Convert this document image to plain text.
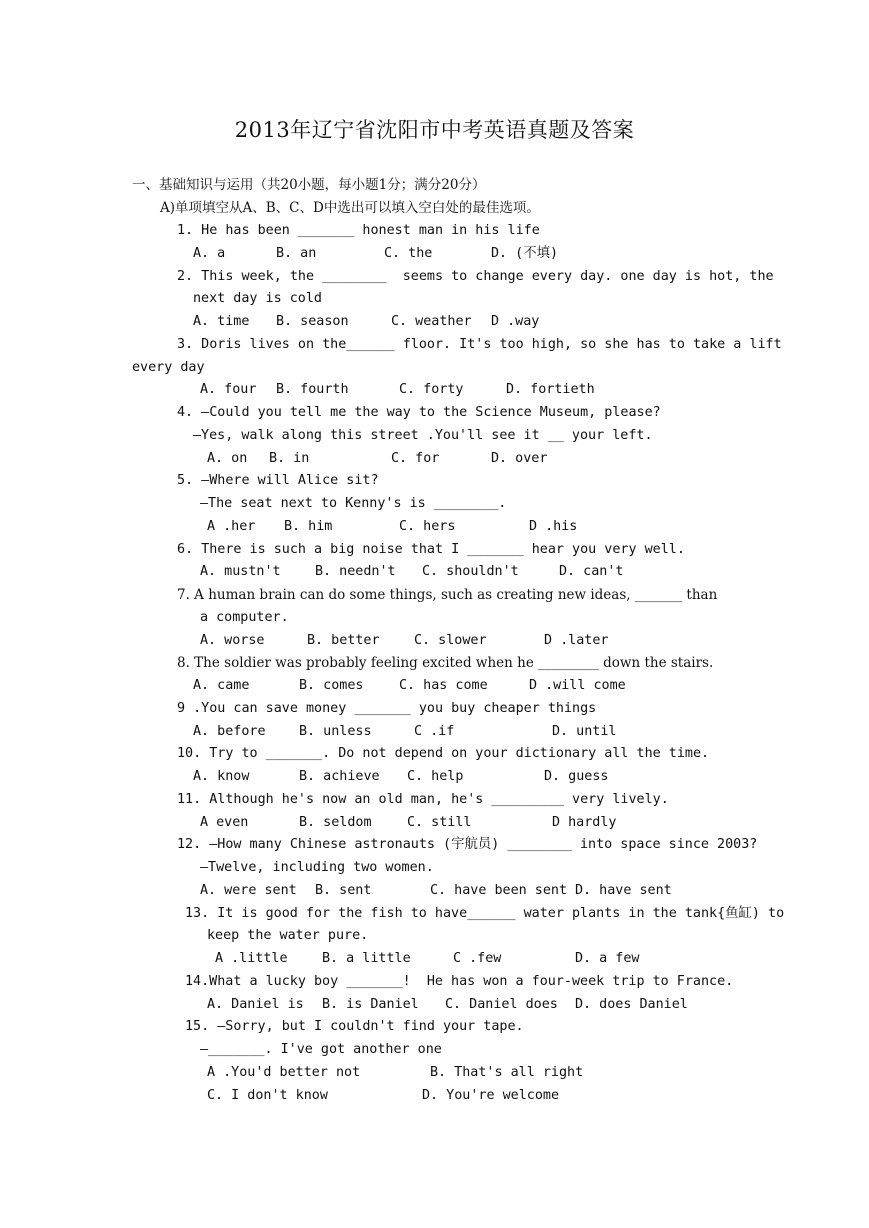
2013年辽宁省沈阳市中考英语真题及答案
一、基础知识与运用（共20小题，每小题1分；满分20分）
A)单项填空从A、B、C、D中选出可以填入空白处的最佳选项。
1. He has been _______ honest man in his life
A. a	B. an	C. the	D. (不填)
2. This week, the ________  seems to change every day. one day is hot, the
next day is cold
A. time B. season	C. weather D .way
3. Doris lives on the______ floor. It's too high, so she has to take a lift
every day
A. four B. fourth	C. forty	D. fortieth
4. —Could you tell me the way to the Science Museum, please?
—Yes, walk along this street .You'll see it __ your left.
A. on B. in	C. for	D. over
5. —Where will Alice sit?
—The seat next to Kenny's is ________.
A .her B. him	C. hers	D .his
6. There is such a big noise that I _______ hear you very well.
A. mustn't	B. needn't C. shouldn't	D. can't
7. A human brain can do some things, such as creating new ideas, _______ than
a computer.
A. worse	B. better	C. slower	D .later
8. The soldier was probably feeling excited when he _________ down the stairs.
A. came	B. comes	C. has come	D .will come
9 .You can save money _______ you buy cheaper things
A. before B. unless	C .if	D. until
10. Try to _______. Do not depend on your dictionary all the time.
A. know	B. achieve C. help	D. guess
11. Although he's now an old man, he's _________ very lively.
A even	B. seldom	C. still	D hardly
12. —How many Chinese astronauts (宇航员) ________ into space since 2003?
—Twelve, including two women.
A. were sent B. sent	C. have been sent D. have sent
13. It is good for the fish to have______ water plants in the tank{鱼缸) to
keep the water pure.
A .little	B. a little	C .few	D. a few
14.What a lucky boy _______!  He has won a four-week trip to France.
A. Daniel is B. is Daniel C. Daniel does D. does Daniel
15. —Sorry, but I couldn't find your tape.
—_______. I've got another one
A .You'd better not	B. That's all right
C. I don't know	D. You're welcome
